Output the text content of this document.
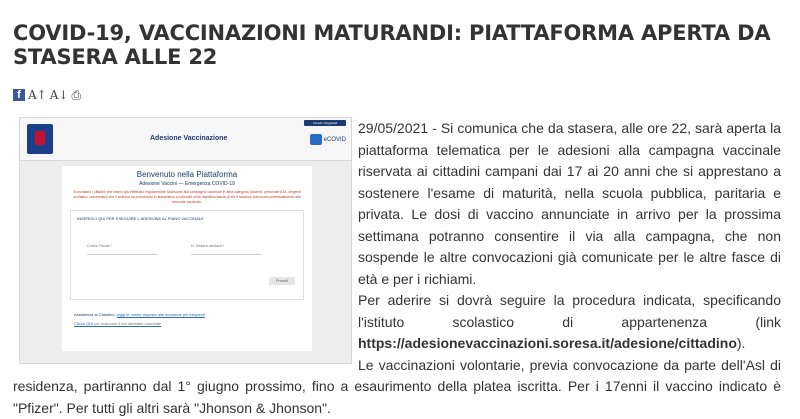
COVID-19, VACCINAZIONI MATURANDI: PIATTAFORMA APERTA DA STASERA ALLE 22
f A↑ A↓ ⎙
Adesione Vaccinazione
Accedi / Registrati
eCOVID
Benvenuto nella Piattaforma
Adesione Vaccini — Emergenza COVID-19
Si avvisano i cittadini che hanno già effettuato regolarmente l'adesione alla campagna vaccinale in altra categoria (docenti, personale ATA, dirigenti scolastici, universitari) che il sistema ha provveduto in automatico a collocarli nella rispettiva fascia di età e saranno convocati contestualmente alla seconda vaccinale.
INSERISCI QUI PER ESEGUIRE L'ADESIONE AL PIANO VACCINALE
Codice Fiscale *	N. Tessera sanitaria *
Procedi
Assistenza al Cittadino: leggi le nostre risposte alle domande più frequenti
Clicca QUI per scaricare il tuo attestato vaccinale

29/05/2021 - Si comunica che da stasera, alle ore 22, sarà aperta la piattaforma telematica per le adesioni alla campagna vaccinale riservata ai cittadini campani dai 17 ai 20 anni che si apprestano a sostenere l'esame di maturità, nella scuola pubblica, paritaria e privata. Le dosi di vaccino annunciate in arrivo per la prossima settimana potranno consentire il via alla campagna, che non sospende le altre convocazioni già comunicate per le altre fasce di età e per i richiami.

Per aderire si dovrà seguire la procedura indicata, specificando l'istituto scolastico di appartenenza (link https://adesionevaccinazioni.soresa.it/adesione/cittadino).

Le vaccinazioni volontarie, previa convocazione da parte dell'Asl di residenza, partiranno dal 1° giugno prossimo, fino a esaurimento della platea iscritta. Per i 17enni il vaccino indicato è "Pfizer". Per tutti gli altri sarà "Jhonson & Jhonson".
